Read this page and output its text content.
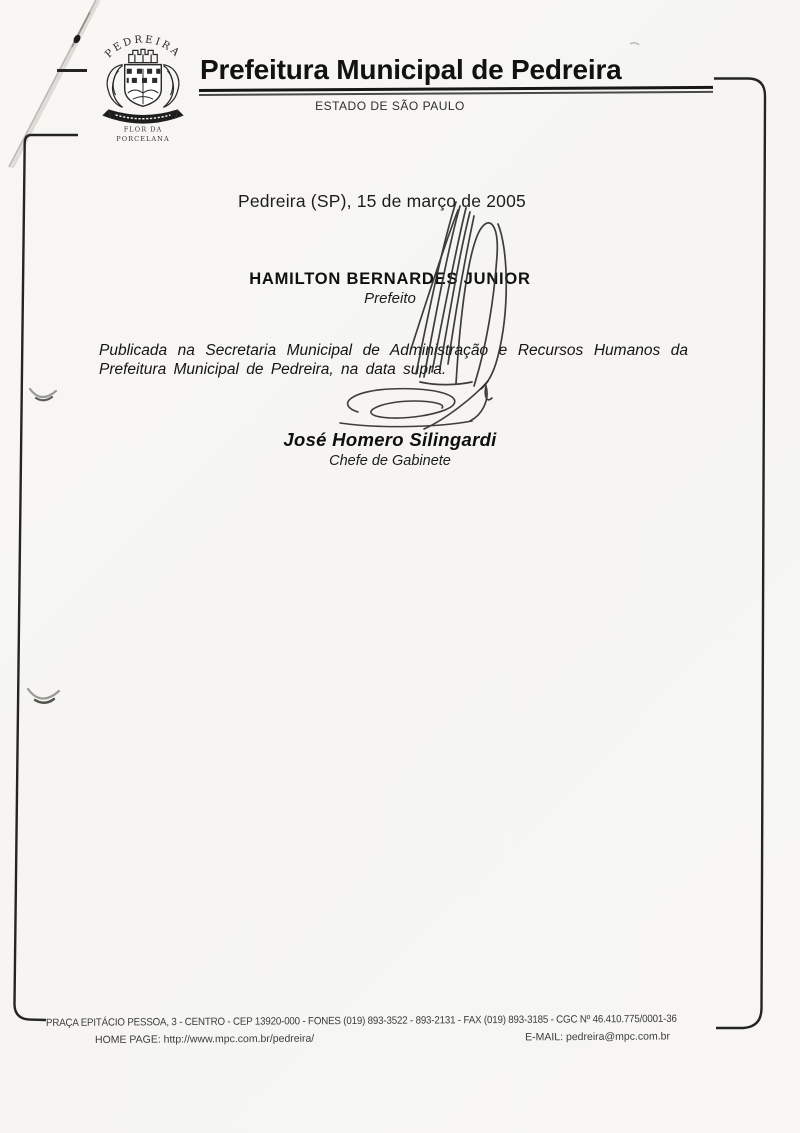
PEDREIRA
FLOR DA
PORCELANA
Prefeitura Municipal de Pedreira
ESTADO DE SÃO PAULO
Pedreira (SP), 15 de março de 2005
HAMILTON BERNARDES JUNIOR
Prefeito
Publicada na Secretaria Municipal de Administração e Recursos Humanos da Prefeitura Municipal de Pedreira, na data supra.
José Homero Silingardi
Chefe de Gabinete
PRAÇA EPITÁCIO PESSOA, 3 - CENTRO - CEP 13920-000 - FONES (019) 893-3522 - 893-2131 - FAX (019) 893-3185 - CGC Nº 46.410.775/0001-36
HOME PAGE: http://www.mpc.com.br/pedreira/	E-MAIL: pedreira@mpc.com.br
